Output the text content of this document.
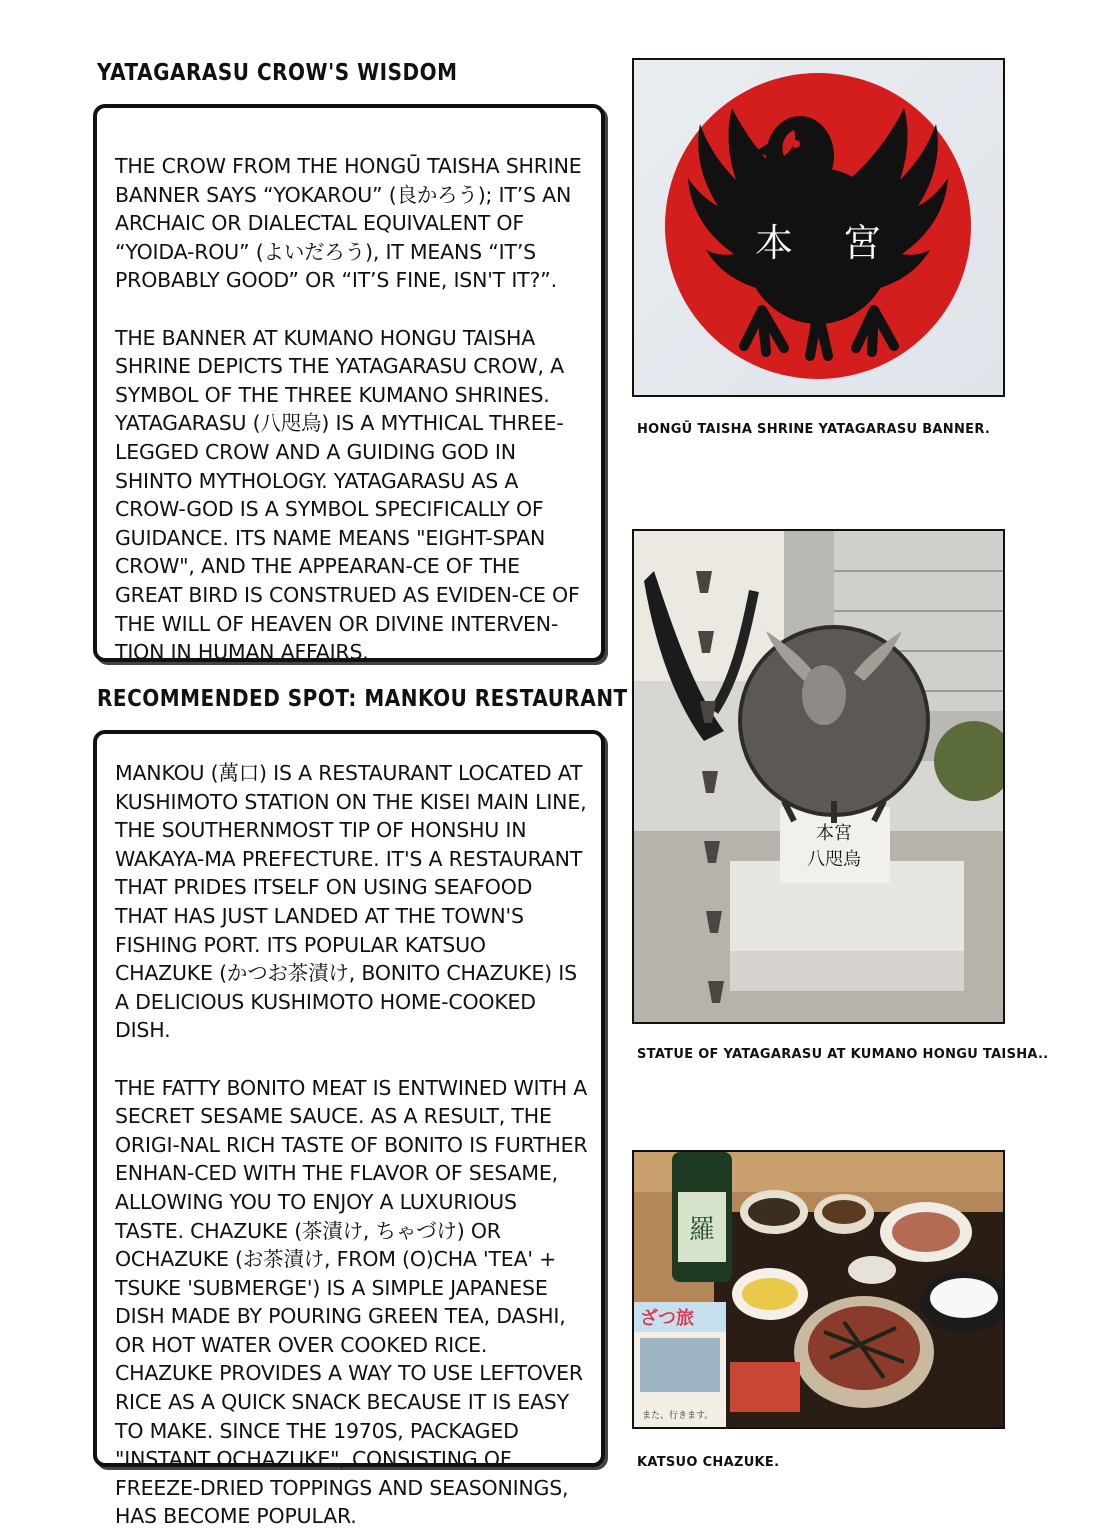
YATAGARASU CROW'S WISDOM

THE CROW FROM THE HONGŪ TAISHA SHRINE BANNER SAYS “YOKAROU” (良かろう); IT’S AN ARCHAIC OR DIALECTAL EQUIVALENT OF “YOIDA-ROU” (よいだろう), IT MEANS “IT’S PROBABLY GOOD” OR “IT’S FINE, ISN'T IT?”.

THE BANNER AT KUMANO HONGU TAISHA SHRINE DEPICTS THE YATAGARASU CROW, A SYMBOL OF THE THREE KUMANO SHRINES. YATAGARASU (八咫烏) IS A MYTHICAL THREE-LEGGED CROW AND A GUIDING GOD IN SHINTO MYTHOLOGY. YATAGARASU AS A CROW-GOD IS A SYMBOL SPECIFICALLY OF GUIDANCE. ITS NAME MEANS "EIGHT-SPAN CROW", AND THE APPEARAN-CE OF THE GREAT BIRD IS CONSTRUED AS EVIDEN-CE OF THE WILL OF HEAVEN OR DIVINE INTERVEN-TION IN HUMAN AFFAIRS.

RECOMMENDED SPOT: MANKOU RESTAURANT

MANKOU (萬口) IS A RESTAURANT LOCATED AT KUSHIMOTO STATION ON THE KISEI MAIN LINE, THE SOUTHERNMOST TIP OF HONSHU IN WAKAYA-MA PREFECTURE. IT'S A RESTAURANT THAT PRIDES ITSELF ON USING SEAFOOD THAT HAS JUST LANDED AT THE TOWN'S FISHING PORT. ITS POPULAR KATSUO CHAZUKE (かつお茶漬け, BONITO CHAZUKE) IS A DELICIOUS KUSHIMOTO HOME-COOKED DISH.

THE FATTY BONITO MEAT IS ENTWINED WITH A SECRET SESAME SAUCE. AS A RESULT, THE ORIGI-NAL RICH TASTE OF BONITO IS FURTHER ENHAN-CED WITH THE FLAVOR OF SESAME, ALLOWING YOU TO ENJOY A LUXURIOUS TASTE. CHAZUKE (茶漬け, ちゃづけ) OR OCHAZUKE (お茶漬け, FROM (O)CHA 'TEA' + TSUKE 'SUBMERGE') IS A SIMPLE JAPANESE DISH MADE BY POURING GREEN TEA, DASHI, OR HOT WATER OVER COOKED RICE. CHAZUKE PROVIDES A WAY TO USE LEFTOVER RICE AS A QUICK SNACK BECAUSE IT IS EASY TO MAKE. SINCE THE 1970S, PACKAGED "INSTANT OCHAZUKE", CONSISTING OF FREEZE-DRIED TOPPINGS AND SEASONINGS, HAS BECOME POPULAR.

本 宮

HONGŪ TAISHA SHRINE YATAGARASU BANNER.

本宮
八咫烏

STATUE OF YATAGARASU AT KUMANO HONGU TAISHA..

羅
ざつ旅
また、行きます。

KATSUO CHAZUKE.
